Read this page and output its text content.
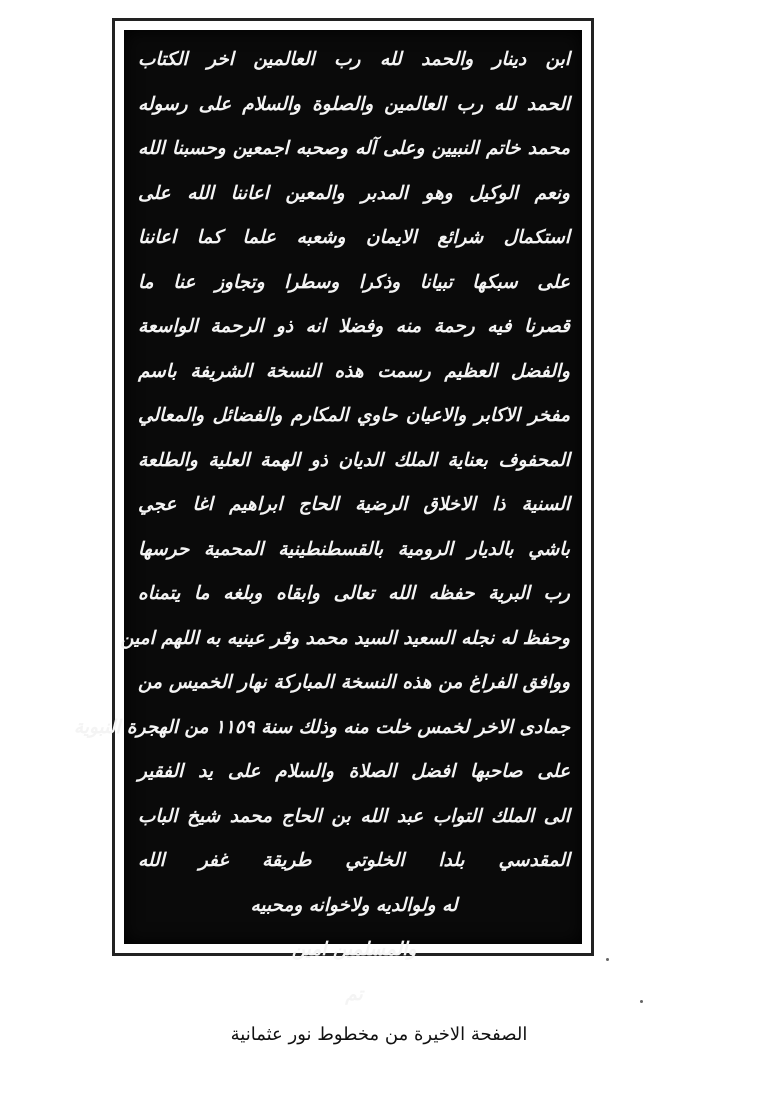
ابن دينار والحمد لله رب العالمين اخر الكتاب
الحمد لله رب العالمين والصلوة والسلام على رسوله
محمد خاتم النبيين وعلى آله وصحبه اجمعين وحسبنا الله
ونعم الوكيل وهو المدبر والمعين اعاننا الله على
استكمال شرائع الايمان وشعبه علما كما اعاننا
على سبكها تبيانا وذكرا وسطرا وتجاوز عنا ما
قصرنا فيه رحمة منه وفضلا انه ذو الرحمة الواسعة
والفضل العظيم رسمت هذه النسخة الشريفة باسم
مفخر الاكابر والاعيان حاوي المكارم والفضائل والمعالي
المحفوف بعناية الملك الديان ذو الهمة العلية والطلعة
السنية ذا الاخلاق الرضية الحاج ابراهيم اغا عجي
باشي بالديار الرومية بالقسطنطينية المحمية حرسها
رب البرية حفظه الله تعالى وابقاه وبلغه ما يتمناه
وحفظ له نجله السعيد السيد محمد وقر عينيه به اللهم امين
ووافق الفراغ من هذه النسخة المباركة نهار الخميس من
جمادى الاخر لخمس خلت منه وذلك سنة ١١٥٩ من الهجرة النبوية
على صاحبها افضل الصلاة والسلام على يد الفقير
الى الملك التواب عبد الله بن الحاج محمد شيخ الباب
المقدسي بلدا الخلوتي طريقة غفر الله
له ولوالديه ولاخوانه ومحبيه
والمسلمين امين
تم
الصفحة الاخيرة من مخطوط نور عثمانية
